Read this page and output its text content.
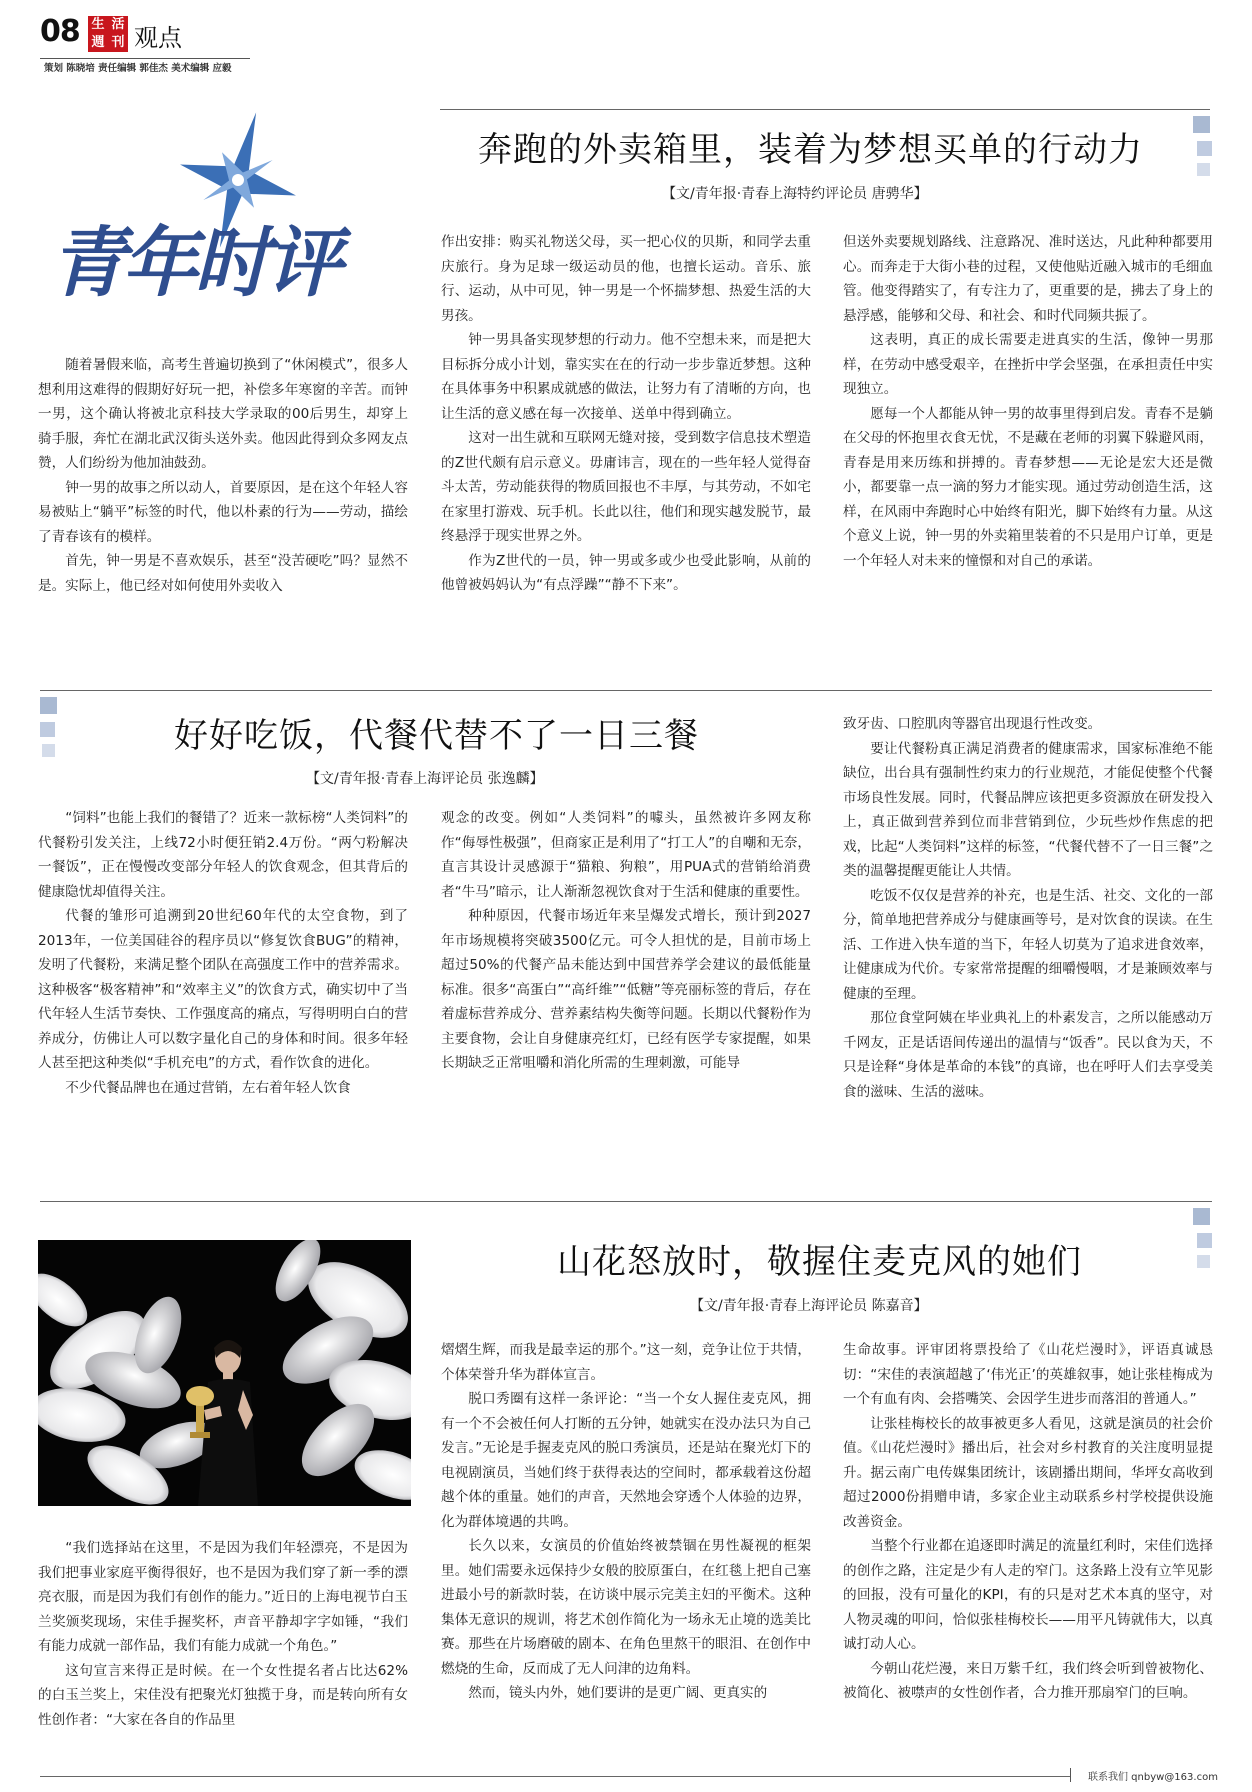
08 生 活
週 刊 观点
策划 陈晓培 责任编辑 郭佳杰 美术编辑 应毅
青年时评
奔跑的外卖箱里，装着为梦想买单的行动力
【文/青年报·青春上海特约评论员 唐骋华】

随着暑假来临，高考生普遍切换到了“休闲模式”，很多人想利用这难得的假期好好玩一把，补偿多年寒窗的辛苦。而钟一男，这个确认将被北京科技大学录取的00后男生，却穿上骑手服，奔忙在湖北武汉街头送外卖。他因此得到众多网友点赞，人们纷纷为他加油鼓劲。

钟一男的故事之所以动人，首要原因，是在这个年轻人容易被贴上“躺平”标签的时代，他以朴素的行为——劳动，描绘了青春该有的模样。

首先，钟一男是不喜欢娱乐，甚至“没苦硬吃”吗？显然不是。实际上，他已经对如何使用外卖收入

作出安排：购买礼物送父母，买一把心仪的贝斯，和同学去重庆旅行。身为足球一级运动员的他，也擅长运动。音乐、旅行、运动，从中可见，钟一男是一个怀揣梦想、热爱生活的大男孩。

钟一男具备实现梦想的行动力。他不空想未来，而是把大目标拆分成小计划，靠实实在在的行动一步步靠近梦想。这种在具体事务中积累成就感的做法，让努力有了清晰的方向，也让生活的意义感在每一次接单、送单中得到确立。

这对一出生就和互联网无缝对接，受到数字信息技术塑造的Z世代颇有启示意义。毋庸讳言，现在的一些年轻人觉得奋斗太苦，劳动能获得的物质回报也不丰厚，与其劳动，不如宅在家里打游戏、玩手机。长此以往，他们和现实越发脱节，最终悬浮于现实世界之外。

作为Z世代的一员，钟一男或多或少也受此影响，从前的他曾被妈妈认为“有点浮躁”“静不下来”。

但送外卖要规划路线、注意路况、准时送达，凡此种种都要用心。而奔走于大街小巷的过程，又使他贴近融入城市的毛细血管。他变得踏实了，有专注力了，更重要的是，拂去了身上的悬浮感，能够和父母、和社会、和时代同频共振了。

这表明，真正的成长需要走进真实的生活，像钟一男那样，在劳动中感受艰辛，在挫折中学会坚强，在承担责任中实现独立。

愿每一个人都能从钟一男的故事里得到启发。青春不是躺在父母的怀抱里衣食无忧，不是藏在老师的羽翼下躲避风雨，青春是用来历练和拼搏的。青春梦想——无论是宏大还是微小，都要靠一点一滴的努力才能实现。通过劳动创造生活，这样，在风雨中奔跑时心中始终有阳光，脚下始终有力量。从这个意义上说，钟一男的外卖箱里装着的不只是用户订单，更是一个年轻人对未来的憧憬和对自己的承诺。

好好吃饭，代餐代替不了一日三餐
【文/青年报·青春上海评论员 张逸麟】

“饲料”也能上我们的餐错了？近来一款标榜“人类饲料”的代餐粉引发关注，上线72小时便狂销2.4万份。“两勺粉解决一餐饭”，正在慢慢改变部分年轻人的饮食观念，但其背后的健康隐忧却值得关注。

代餐的雏形可追溯到20世纪60年代的太空食物，到了2013年，一位美国硅谷的程序员以“修复饮食BUG”的精神，发明了代餐粉，来满足整个团队在高强度工作中的营养需求。这种极客“极客精神”和“效率主义”的饮食方式，确实切中了当代年轻人生活节奏快、工作强度高的痛点，写得明明白白的营养成分，仿佛让人可以数字量化自己的身体和时间。很多年轻人甚至把这种类似“手机充电”的方式，看作饮食的进化。

不少代餐品牌也在通过营销，左右着年轻人饮食

观念的改变。例如“人类饲料”的噱头，虽然被许多网友称作“侮辱性极强”，但商家正是利用了“打工人”的自嘲和无奈，直言其设计灵感源于“猫粮、狗粮”，用PUA式的营销给消费者“牛马”暗示，让人渐渐忽视饮食对于生活和健康的重要性。

种种原因，代餐市场近年来呈爆发式增长，预计到2027年市场规模将突破3500亿元。可令人担忧的是，目前市场上超过50%的代餐产品未能达到中国营养学会建议的最低能量标准。很多“高蛋白”“高纤维”“低糖”等亮丽标签的背后，存在着虚标营养成分、营养素结构失衡等问题。长期以代餐粉作为主要食物，会让自身健康亮红灯，已经有医学专家提醒，如果长期缺乏正常咀嚼和消化所需的生理刺激，可能导

致牙齿、口腔肌肉等器官出现退行性改变。

要让代餐粉真正满足消费者的健康需求，国家标准绝不能缺位，出台具有强制性约束力的行业规范，才能促使整个代餐市场良性发展。同时，代餐品牌应该把更多资源放在研发投入上，真正做到营养到位而非营销到位，少玩些炒作焦虑的把戏，比起“人类饲料”这样的标签，“代餐代替不了一日三餐”之类的温馨提醒更能让人共情。

吃饭不仅仅是营养的补充，也是生活、社交、文化的一部分，简单地把营养成分与健康画等号，是对饮食的误读。在生活、工作进入快车道的当下，年轻人切莫为了追求进食效率，让健康成为代价。专家常常提醒的细嚼慢咽，才是兼顾效率与健康的至理。

那位食堂阿姨在毕业典礼上的朴素发言，之所以能感动万千网友，正是话语间传递出的温情与“饭香”。民以食为天，不只是诠释“身体是革命的本钱”的真谛，也在呼吁人们去享受美食的滋味、生活的滋味。

山花怒放时，敬握住麦克风的她们
【文/青年报·青春上海评论员 陈嘉音】

“我们选择站在这里，不是因为我们年轻漂亮，不是因为我们把事业家庭平衡得很好，也不是因为我们穿了新一季的漂亮衣服，而是因为我们有创作的能力。”近日的上海电视节白玉兰奖颁奖现场，宋佳手握奖杯，声音平静却字字如锤，“我们有能力成就一部作品，我们有能力成就一个角色。”

这句宣言来得正是时候。在一个女性提名者占比达62%的白玉兰奖上，宋佳没有把聚光灯独揽于身，而是转向所有女性创作者：“大家在各自的作品里

熠熠生辉，而我是最幸运的那个。”这一刻，竞争让位于共情，个体荣誉升华为群体宣言。

脱口秀圈有这样一条评论：“当一个女人握住麦克风，拥有一个不会被任何人打断的五分钟，她就实在没办法只为自己发言。”无论是手握麦克风的脱口秀演员，还是站在聚光灯下的电视剧演员，当她们终于获得表达的空间时，都承载着这份超越个体的重量。她们的声音，天然地会穿透个人体验的边界，化为群体境遇的共鸣。

长久以来，女演员的价值始终被禁锢在男性凝视的框架里。她们需要永远保持少女般的胶原蛋白，在红毯上把自己塞进最小号的新款时装，在访谈中展示完美主妇的平衡术。这种集体无意识的规训，将艺术创作简化为一场永无止境的选美比赛。那些在片场磨破的剧本、在角色里熬干的眼泪、在创作中燃烧的生命，反而成了无人问津的边角料。

然而，镜头内外，她们要讲的是更广阔、更真实的

生命故事。评审团将票投给了《山花烂漫时》，评语真诚恳切：“宋佳的表演超越了‘伟光正’的英雄叙事，她让张桂梅成为一个有血有肉、会搭嘴笑、会因学生进步而落泪的普通人。”

让张桂梅校长的故事被更多人看见，这就是演员的社会价值。《山花烂漫时》播出后，社会对乡村教育的关注度明显提升。据云南广电传媒集团统计，该剧播出期间，华坪女高收到超过2000份捐赠申请，多家企业主动联系乡村学校提供设施改善资金。

当整个行业都在追逐即时满足的流量红利时，宋佳们选择的创作之路，注定是少有人走的窄门。这条路上没有立竿见影的回报，没有可量化的KPI，有的只是对艺术本真的坚守，对人物灵魂的叩问，恰似张桂梅校长——用平凡铸就伟大，以真诚打动人心。

今朝山花烂漫，来日万紫千红，我们终会听到曾被物化、被简化、被噤声的女性创作者，合力推开那扇窄门的巨响。

联系我们 qnbyw@163.com
